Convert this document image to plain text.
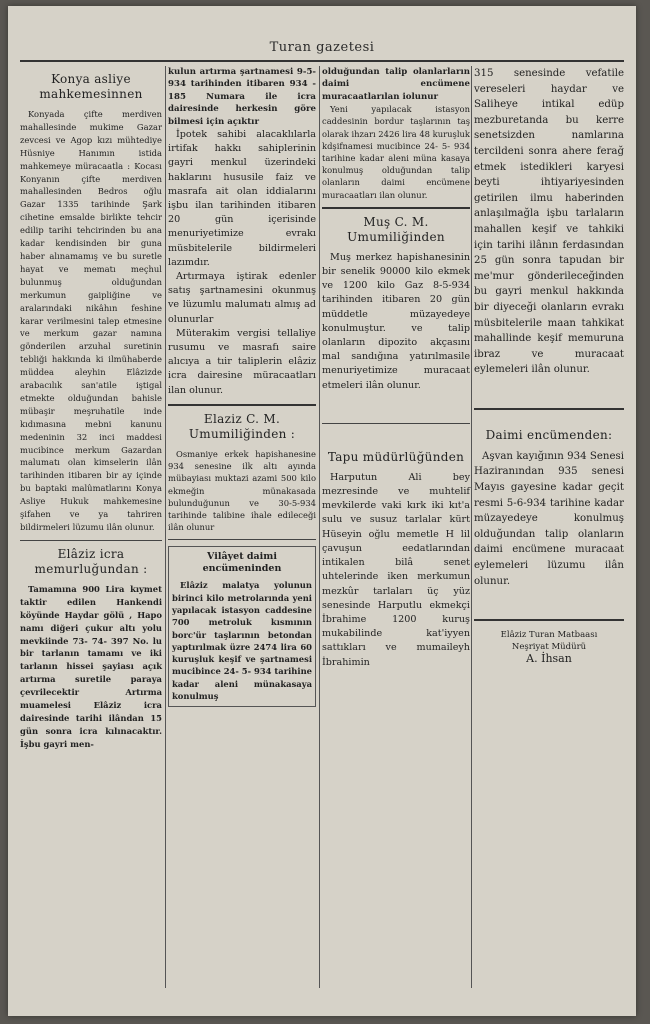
Turan gazetesi
Konya asliye mahkemesinnen

Konyada çifte merdiven mahallesinde mukime Gazar zevcesi ve Agop kızı mühtediye Hüsniye Hanımın istida mahkemeye müracaatla : Kocası Konyanın çifte merdiven mahallesinden Bedros oğlu Gazar 1335 tarihinde Şark cihetine emsalde birlikte tehcir edilip tarihi tehcirinden bu ana kadar kendisinden bir guna haber alınamamış ve bu suretle hayat ve mematı meçhul bulunmuş olduğundan merkumun gaipliğine ve aralarındaki nikâhın feshine karar verilmesini talep etmesine ve merkum gazar namına gönderilen arzuhal suretinin tebliği hakkında ki ilmühaberde müddea aleyhin Elâzizde arabacılık san'atile iştigal etmekte olduğundan bahisle mübaşir meşruhatile inde kıdımasına mebni kanunu medeninin 32 inci maddesi mucibince merkum Gazardan malumatı olan kimselerin ilân tarihinden itibaren bir ay içinde bu baptaki malûmatlarını Konya Asliye Hukuk mahkemesine şifahen ve ya tahriren bildirmeleri lüzumu ilân olunur.

Elâziz icra memurluğundan :

Tamamına 900 Lira kıymet taktir edilen Hankendi köyünde Haydar gölü , Hapo namı diğeri çukur altı yolu mevkiinde 73- 74- 397 No. lu bir tarlanın tamamı ve iki tarlanın hissei şayiası açık artırma suretile paraya çevrilecektir Artırma muamelesi Elâziz icra dairesinde tarihi ilândan 15 gün sonra icra kılınacaktır. İşbu gayri men-

kulun artırma şartnamesi 9-5-934 tarihinden itibaren 934 - 185 Numara ile icra dairesinde herkesin göre bilmesi için açıktır

İpotek sahibi alacaklılarla irtifak hakkı sahiplerinin gayri menkul üzerindeki haklarını hususile faiz ve masrafa ait olan iddialarını işbu ilan tarihinden itibaren 20 gün içerisinde menuriyetimize evrakı müsbitelerile bildirmeleri lazımdır.

Artırmaya iştirak edenler satış şartnamesini okunmuş ve lüzumlu malumatı almış ad olunurlar

Müterakim vergisi tellaliye rusumu ve masrafı saire alıcıya a tıir taliplerin elâziz icra dairesine müracaatları ilan olunur.

Elaziz C. M. Umumiliğinden :

Osmaniye erkek hapishanesine 934 senesine ilk altı ayında mübayiası muktazi azami 500 kilo ekmeğin münakasada bulunduğunun ve 30-5-934 tarihinde talibine ihale edileceği ilân olunur

Vilâyet daimi encümeninden

Elâziz malatya yolunun birinci kilo metrolarında yeni yapılacak istasyon caddesine 700 metroluk kısmının borc'ür taşlarının betondan yaptırılmak üzre 2474 lira 60 kuruşluk keşif ve şartnamesi mucibince 24- 5- 934 tarihine kadar aleni münakasaya konulmuş

olduğundan talip olanlarların daimi encümene muracaatlarılan iolunur

Yeni yapılacak istasyon caddesinin bordur taşlarının taş olarak ihzarı 2426 lira 48 kuruşluk kdşifnamesi mucibince 24- 5- 934 tarihine kadar aleni müna kasaya konulmuş olduğundan talip olanların daimi encümene muracaatları ilan olunur.

Muş C. M. Umumiliğinden

Muş merkez hapishanesinin bir senelik 90000 kilo ekmek ve 1200 kilo Gaz 8-5-934 tarihinden itibaren 20 gün müddetle müzayedeye konulmuştur. ve talip olanların dipozito akçasını mal sandığına yatırılmasile menuriyetimize muracaat etmeleri ilân olunur.

Tapu müdürlüğünden

Harputun Ali bey mezresinde ve muhtelif mevkilerde vaki kırk iki kıt'a sulu ve susuz tarlalar kürt Hüseyin oğlu memetle H lil çavuşun eedatlarından intikalen bilâ senet uhtelerinde iken merkumun mezkûr tarlaları üç yüz senesinde Harputlu ekmekçi İbrahime 1200 kuruş mukabilinde kat'iyyen sattıkları ve mumaileyh İbrahimin

315 senesinde vefatile vereseleri haydar ve Saliheye intikal edüp mezburetanda bu kerre senetsizden namlarına tercildeni sonra ahere ferağ etmek istedikleri karyesi beyti ihtiyariyesinden getirilen ilmu haberinden anlaşılmağla işbu tarlaların mahallen keşif ve tahkiki için tarihi ilânın ferdasından 25 gün sonra tapudan bir me'mur gönderileceğinden bu gayri menkul hakkında bir diyeceği olanların evrakı müsbitelerile maan tahkikat mahallinde keşif memuruna ibraz ve muracaat eylemeleri ilân olunur.

Daimi encümenden:

Aşvan kayığının 934 Senesi Haziranından 935 senesi Mayıs gayesine kadar geçit resmi 5-6-934 tarihine kadar müzayedeye konulmuş olduğundan talip olanların daimi encümene muracaat eylemeleri lüzumu ilân olunur.

Elâziz Turan Matbaası
Neşriyat Müdürü
A. İhsan
